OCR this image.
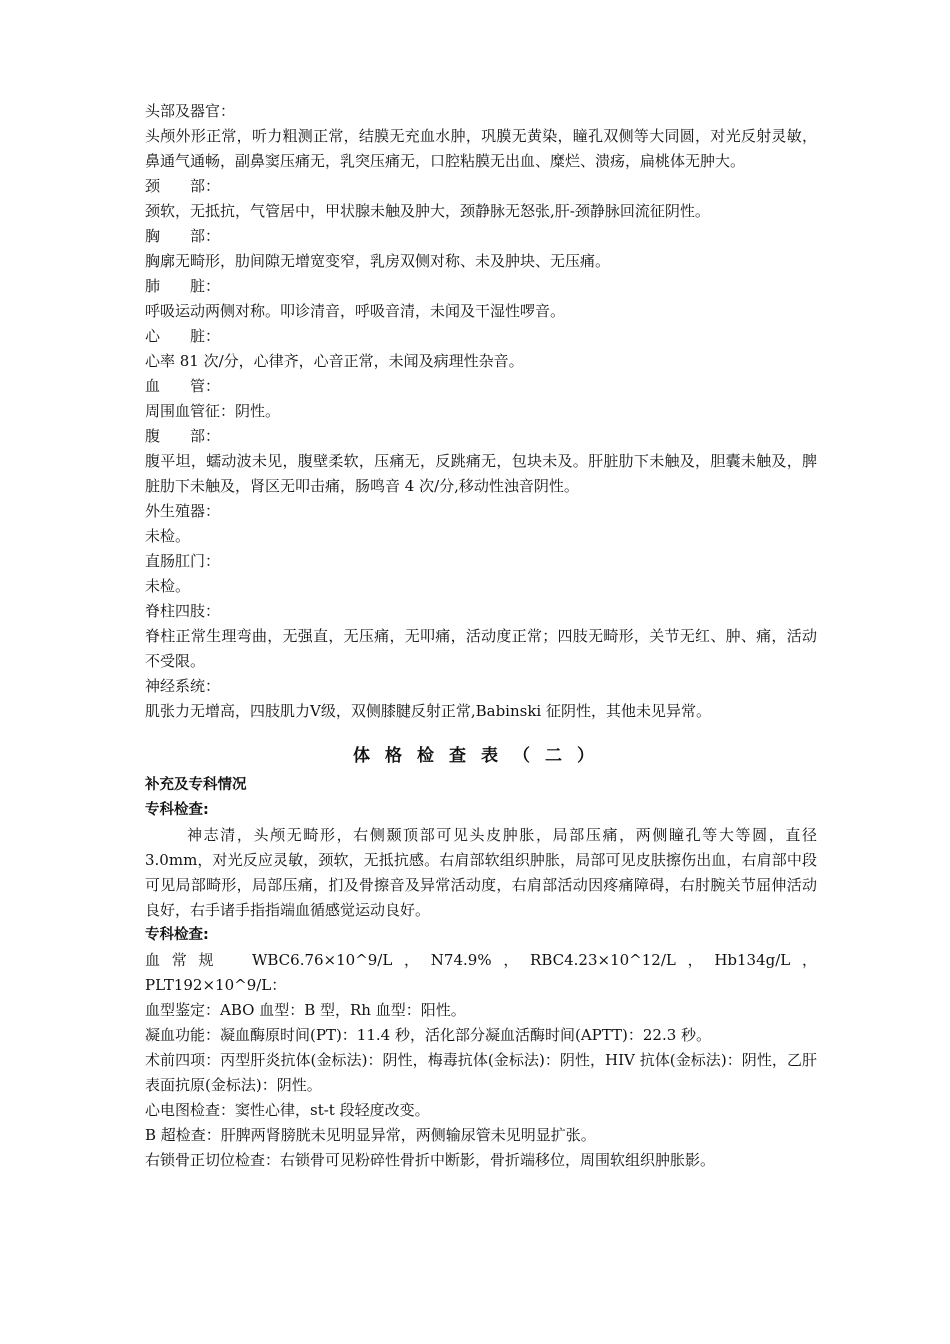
头部及器官：

头颅外形正常，听力粗测正常，结膜无充血水肿，巩膜无黄染，瞳孔双侧等大同圆，对光反射灵敏，鼻通气通畅，副鼻窦压痛无，乳突压痛无，口腔粘膜无出血、糜烂、溃疡，扁桃体无肿大。

颈　　部：

颈软，无抵抗，气管居中，甲状腺未触及肿大，颈静脉无怒张,肝-颈静脉回流征阴性。

胸　　部：

胸廓无畸形，肋间隙无增宽变窄，乳房双侧对称、未及肿块、无压痛。

肺　　脏：

呼吸运动两侧对称。叩诊清音，呼吸音清，未闻及干湿性啰音。

心　　脏：

心率 81 次/分，心律齐，心音正常，未闻及病理性杂音。

血　　管：

周围血管征：阴性。

腹　　部：

腹平坦，蠕动波未见，腹壁柔软，压痛无，反跳痛无，包块未及。肝脏肋下未触及，胆囊未触及，脾脏肋下未触及，肾区无叩击痛，肠鸣音 4 次/分,移动性浊音阴性。

外生殖器：

未检。

直肠肛门：

未检。

脊柱四肢：

脊柱正常生理弯曲，无强直，无压痛，无叩痛，活动度正常；四肢无畸形，关节无红、肿、痛，活动不受限。

神经系统：

肌张力无增高，四肢肌力Ⅴ级，双侧膝腱反射正常,Babinski 征阴性，其他未见异常。

体格检查表（二）

补充及专科情况

专科检查:

神志清，头颅无畸形，右侧颞顶部可见头皮肿胀，局部压痛，两侧瞳孔等大等圆，直径 3.0mm，对光反应灵敏，颈软，无抵抗感。右肩部软组织肿胀，局部可见皮肤擦伤出血，右肩部中段可见局部畸形，局部压痛，扪及骨擦音及异常活动度，右肩部活动因疼痛障碍，右肘腕关节屈伸活动良好，右手诸手指指端血循感觉运动良好。

专科检查:

血常规　WBC6.76×10^9/L，N74.9%，RBC4.23×10^12/L，Hb134g/L，PLT192×10^9/L：

血型鉴定：ABO 血型：B 型，Rh 血型：阳性。

凝血功能：凝血酶原时间(PT)：11.4 秒，活化部分凝血活酶时间(APTT)：22.3 秒。

术前四项：丙型肝炎抗体(金标法)：阴性，梅毒抗体(金标法)：阴性，HIV 抗体(金标法)：阴性，乙肝表面抗原(金标法)：阴性。

心电图检查：窦性心律，st-t 段轻度改变。

B 超检查：肝脾两肾膀胱未见明显异常，两侧输尿管未见明显扩张。

右锁骨正切位检查：右锁骨可见粉碎性骨折中断影，骨折端移位，周围软组织肿胀影。
